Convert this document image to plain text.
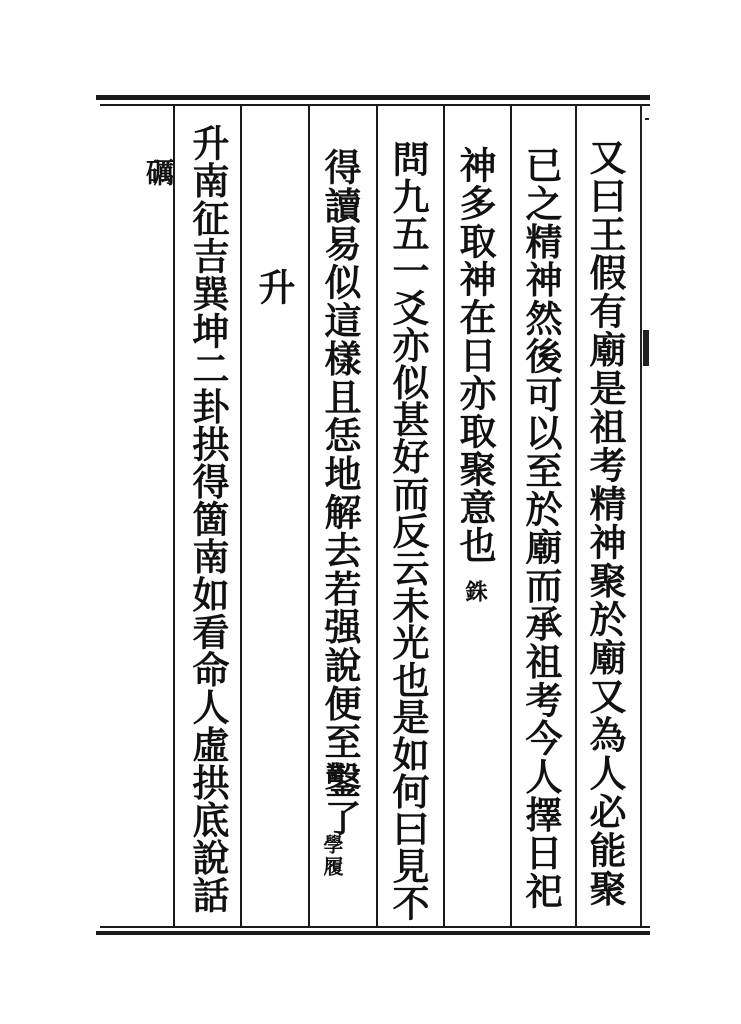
礪	又曰王假有廟是祖考精神聚於廟又為人必能聚
已之精神然後可以至於廟而承祖考今人擇日祀
神多取神在日亦取聚意也
銖
問九五一爻亦似甚好而反云未光也是如何曰見不
得讀易似這樣且恁地解去若强說便至鑿了
學履
升
升南征吉巽坤二卦拱得箇南如看命人虛拱底說話
